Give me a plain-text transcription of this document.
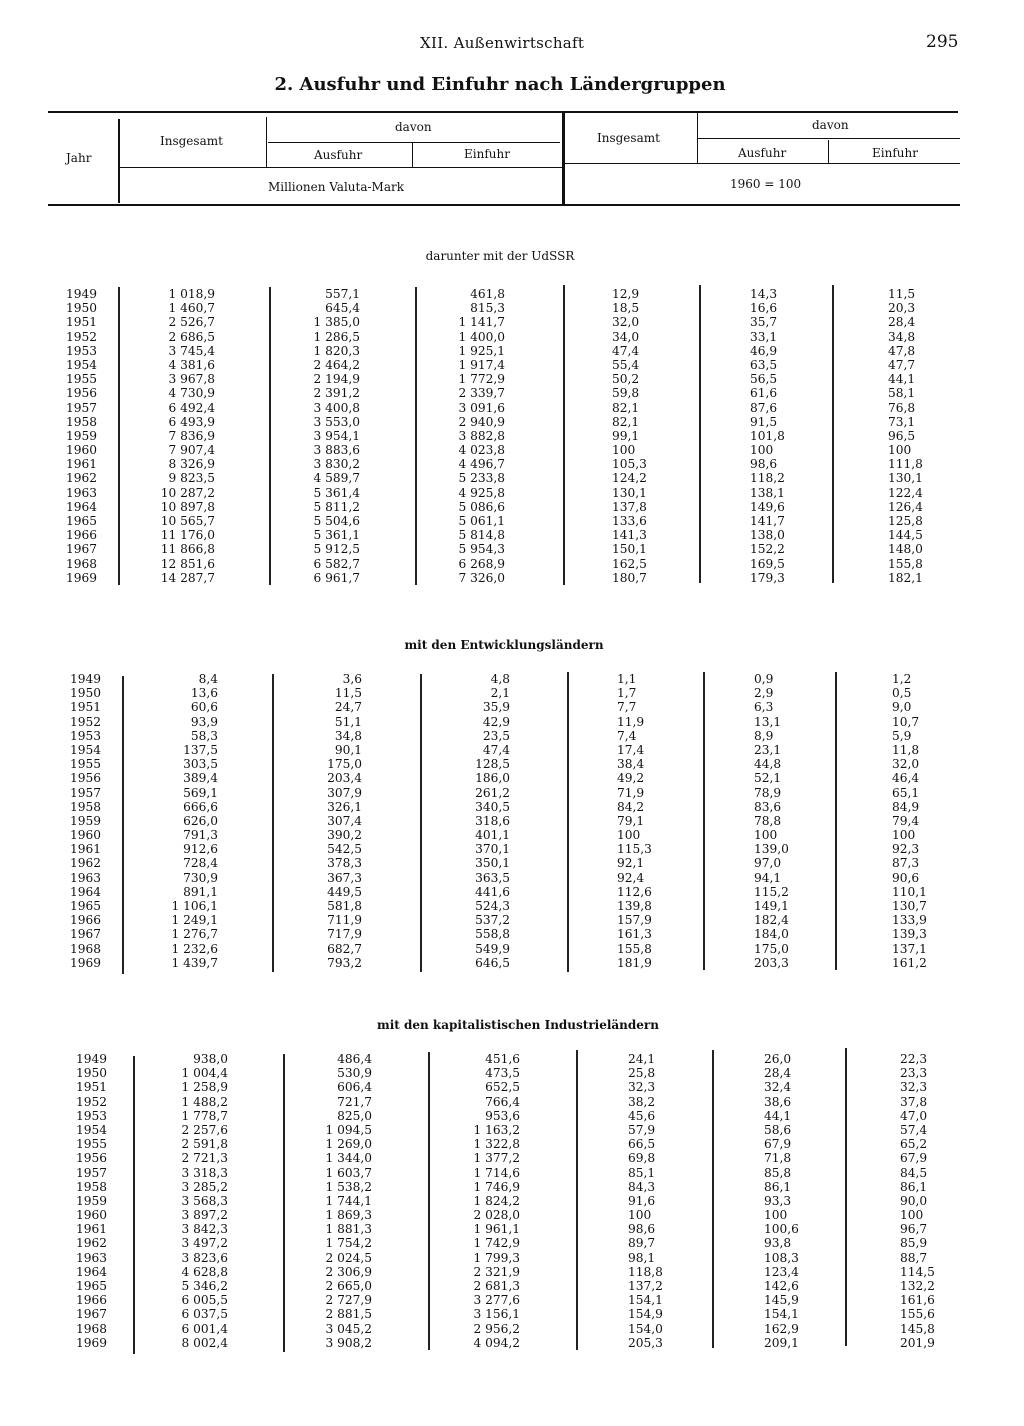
XII. Außenwirtschaft	295
2. Ausfuhr und Einfuhr nach Ländergruppen
Jahr
Insgesamt
davon
Ausfuhr	Einfuhr
Millionen Valuta-Mark
Insgesamt
davon
Ausfuhr	Einfuhr
1960 = 100
darunter mit der UdSSR
1949	1 018,9	557,1	461,8	12,9	14,3	11,5
1950	1 460,7	645,4	815,3	18,5	16,6	20,3
1951	2 526,7	1 385,0	1 141,7	32,0	35,7	28,4
1952	2 686,5	1 286,5	1 400,0	34,0	33,1	34,8
1953	3 745,4	1 820,3	1 925,1	47,4	46,9	47,8
1954	4 381,6	2 464,2	1 917,4	55,4	63,5	47,7
1955	3 967,8	2 194,9	1 772,9	50,2	56,5	44,1
1956	4 730,9	2 391,2	2 339,7	59,8	61,6	58,1
1957	6 492,4	3 400,8	3 091,6	82,1	87,6	76,8
1958	6 493,9	3 553,0	2 940,9	82,1	91,5	73,1
1959	7 836,9	3 954,1	3 882,8	99,1	101,8	96,5
1960	7 907,4	3 883,6	4 023,8	100	100	100
1961	8 326,9	3 830,2	4 496,7	105,3	98,6	111,8
1962	9 823,5	4 589,7	5 233,8	124,2	118,2	130,1
1963	10 287,2	5 361,4	4 925,8	130,1	138,1	122,4
1964	10 897,8	5 811,2	5 086,6	137,8	149,6	126,4
1965	10 565,7	5 504,6	5 061,1	133,6	141,7	125,8
1966	11 176,0	5 361,1	5 814,8	141,3	138,0	144,5
1967	11 866,8	5 912,5	5 954,3	150,1	152,2	148,0
1968	12 851,6	6 582,7	6 268,9	162,5	169,5	155,8
1969	14 287,7	6 961,7	7 326,0	180,7	179,3	182,1
mit den Entwicklungsländern
1949	8,4	3,6	4,8	1,1	0,9	1,2
1950	13,6	11,5	2,1	1,7	2,9	0,5
1951	60,6	24,7	35,9	7,7	6,3	9,0
1952	93,9	51,1	42,9	11,9	13,1	10,7
1953	58,3	34,8	23,5	7,4	8,9	5,9
1954	137,5	90,1	47,4	17,4	23,1	11,8
1955	303,5	175,0	128,5	38,4	44,8	32,0
1956	389,4	203,4	186,0	49,2	52,1	46,4
1957	569,1	307,9	261,2	71,9	78,9	65,1
1958	666,6	326,1	340,5	84,2	83,6	84,9
1959	626,0	307,4	318,6	79,1	78,8	79,4
1960	791,3	390,2	401,1	100	100	100
1961	912,6	542,5	370,1	115,3	139,0	92,3
1962	728,4	378,3	350,1	92,1	97,0	87,3
1963	730,9	367,3	363,5	92,4	94,1	90,6
1964	891,1	449,5	441,6	112,6	115,2	110,1
1965	1 106,1	581,8	524,3	139,8	149,1	130,7
1966	1 249,1	711,9	537,2	157,9	182,4	133,9
1967	1 276,7	717,9	558,8	161,3	184,0	139,3
1968	1 232,6	682,7	549,9	155,8	175,0	137,1
1969	1 439,7	793,2	646,5	181,9	203,3	161,2
mit den kapitalistischen Industrieländern
1949	938,0	486,4	451,6	24,1	26,0	22,3
1950	1 004,4	530,9	473,5	25,8	28,4	23,3
1951	1 258,9	606,4	652,5	32,3	32,4	32,3
1952	1 488,2	721,7	766,4	38,2	38,6	37,8
1953	1 778,7	825,0	953,6	45,6	44,1	47,0
1954	2 257,6	1 094,5	1 163,2	57,9	58,6	57,4
1955	2 591,8	1 269,0	1 322,8	66,5	67,9	65,2
1956	2 721,3	1 344,0	1 377,2	69,8	71,8	67,9
1957	3 318,3	1 603,7	1 714,6	85,1	85,8	84,5
1958	3 285,2	1 538,2	1 746,9	84,3	86,1	86,1
1959	3 568,3	1 744,1	1 824,2	91,6	93,3	90,0
1960	3 897,2	1 869,3	2 028,0	100	100	100
1961	3 842,3	1 881,3	1 961,1	98,6	100,6	96,7
1962	3 497,2	1 754,2	1 742,9	89,7	93,8	85,9
1963	3 823,6	2 024,5	1 799,3	98,1	108,3	88,7
1964	4 628,8	2 306,9	2 321,9	118,8	123,4	114,5
1965	5 346,2	2 665,0	2 681,3	137,2	142,6	132,2
1966	6 005,5	2 727,9	3 277,6	154,1	145,9	161,6
1967	6 037,5	2 881,5	3 156,1	154,9	154,1	155,6
1968	6 001,4	3 045,2	2 956,2	154,0	162,9	145,8
1969	8 002,4	3 908,2	4 094,2	205,3	209,1	201,9
